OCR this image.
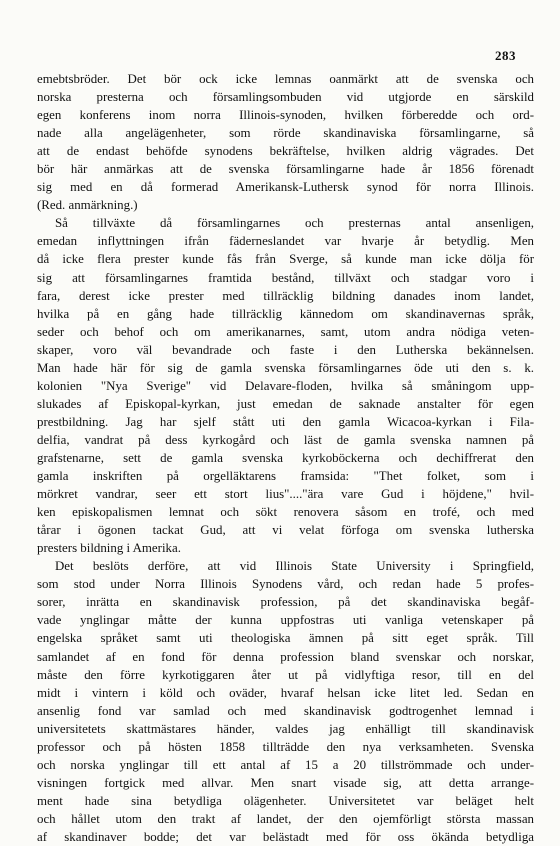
283
emebtsbröder. Det bör ock icke lemnas oanmärkt att de svenska och
norska presterna och församlingsombuden vid utgjorde en särskild
egen konferens inom norra Illinois-synoden, hvilken förberedde och ord-
nade alla angelägenheter, som rörde skandinaviska församlingarne, så
att de endast behöfde synodens bekräftelse, hvilken aldrig vägrades. Det
bör här anmärkas att de svenska församlingarne hade år 1856 förenadt
sig med en då formerad Amerikansk-Luthersk synod för norra Illinois.
(Red. anmärkning.)
Så tillväxte då församlingarnes och presternas antal ansenligen,
emedan inflyttningen ifrån fäderneslandet var hvarje år betydlig. Men
då icke flera prester kunde fås från Sverge, så kunde man icke dölja för
sig att församlingarnes framtida bestånd, tillväxt och stadgar voro i
fara, derest icke prester med tillräcklig bildning danades inom landet,
hvilka på en gång hade tillräcklig kännedom om skandinavernas språk,
seder och behof och om amerikanarnes, samt, utom andra nödiga veten-
skaper, voro väl bevandrade och faste i den Lutherska bekännelsen.
Man hade här för sig de gamla svenska församlingarnes öde uti den s. k.
kolonien "Nya Sverige" vid Delavare-floden, hvilka så småningom upp-
slukades af Episkopal-kyrkan, just emedan de saknade anstalter för egen
prestbildning. Jag har sjelf stått uti den gamla Wicacoa-kyrkan i Fila-
delfia, vandrat på dess kyrkogård och läst de gamla svenska namnen på
grafstenarne, sett de gamla svenska kyrkoböckerna och dechiffrerat den
gamla inskriften på orgelläktarens framsida: "Thet folket, som i
mörkret vandrar, seer ett stort lius"...."ära vare Gud i höjdene," hvil-
ken episkopalismen lemnat och sökt renovera såsom en trofé, och med
tårar i ögonen tackat Gud, att vi velat förfoga om svenska lutherska
presters bildning i Amerika.
Det beslöts derföre, att vid Illinois State University i Springfield,
som stod under Norra Illinois Synodens vård, och redan hade 5 profes-
sorer, inrätta en skandinavisk profession, på det skandinaviska begåf-
vade ynglingar måtte der kunna uppfostras uti vanliga vetenskaper på
engelska språket samt uti theologiska ämnen på sitt eget språk. Till
samlandet af en fond för denna profession bland svenskar och norskar,
måste den förre kyrkotiggaren åter ut på vidlyftiga resor, till en del
midt i vintern i köld och oväder, hvaraf helsan icke litet led. Sedan en
ansenlig fond var samlad och med skandinavisk godtrogenhet lemnad i
universitetets skattmästares händer, valdes jag enhälligt till skandinavisk
professor och på hösten 1858 tillträdde den nya verksamheten. Svenska
och norska ynglingar till ett antal af 15 a 20 tillströmmade och under-
visningen fortgick med allvar. Men snart visade sig, att detta arrange-
ment hade sina betydliga olägenheter. Universitetet var beläget helt
och hållet utom den trakt af landet, der den ojemförligt största massan
af skandinaver bodde; det var belästadt med för oss ökända betydliga
